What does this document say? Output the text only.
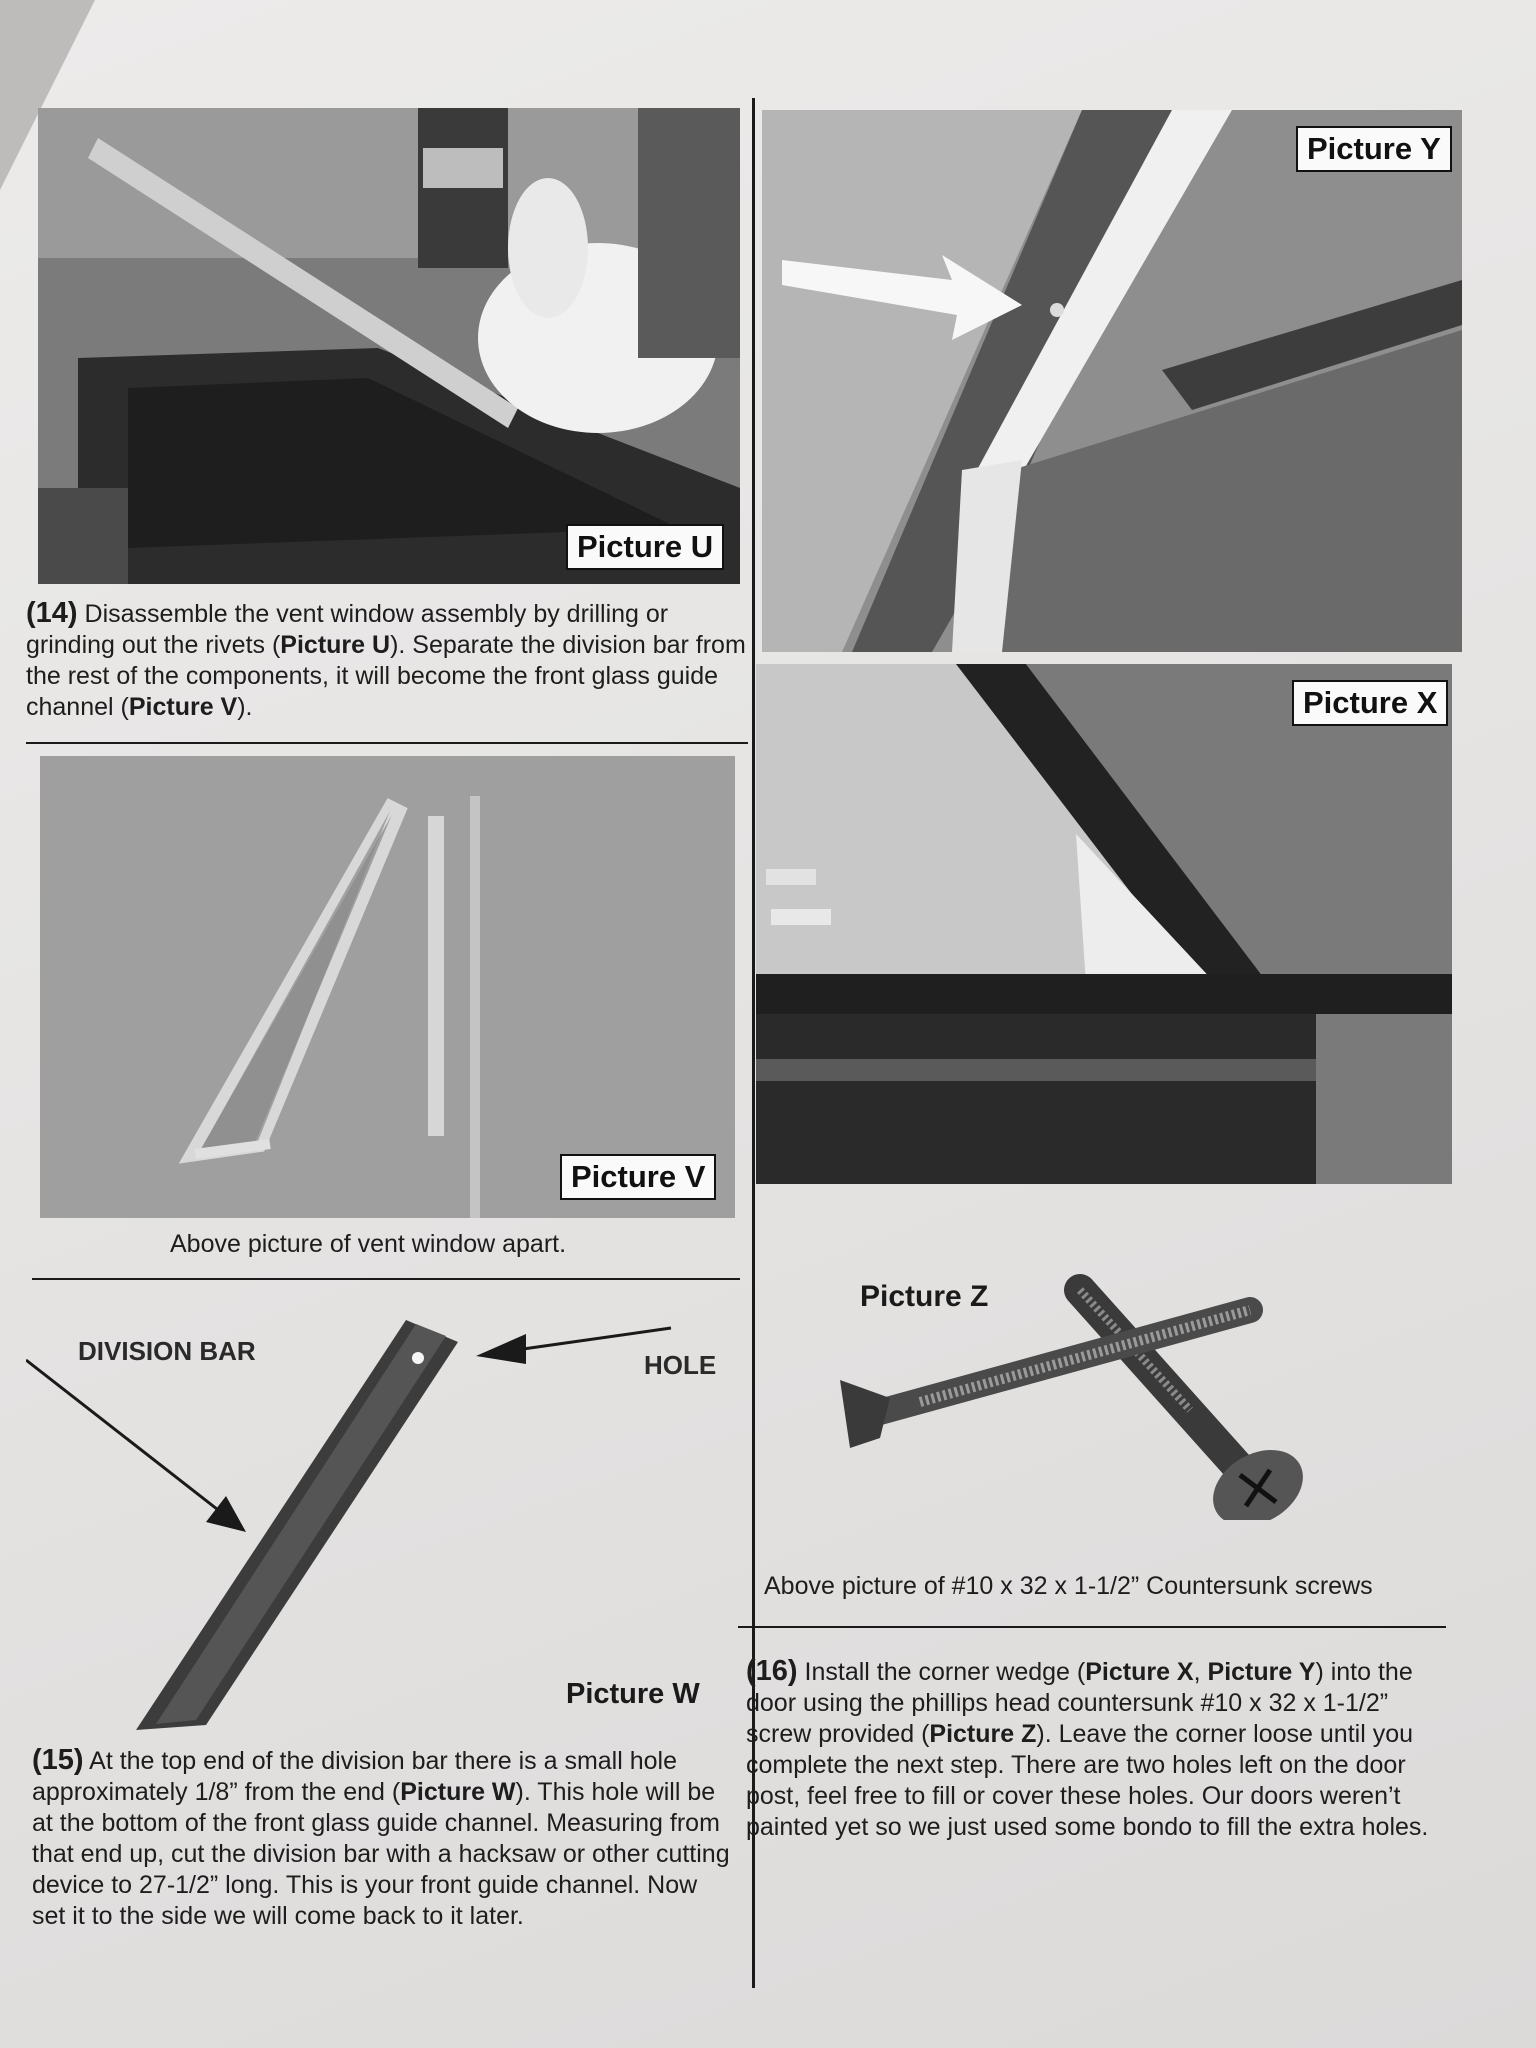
Picture U
(14) Disassemble the vent window assembly by drilling or grinding out the rivets (Picture U). Separate the division bar from the rest of the components, it will become the front glass guide channel (Picture V).
Picture V
Above picture of vent window apart.
DIVISION BAR	HOLE
Picture W
(15) At the top end of the division bar there is a small hole approximately 1/8” from the end (Picture W). This hole will be at the bottom of the front glass guide channel. Measuring from that end up, cut the division bar with a hacksaw or other cutting device to 27-1/2” long. This is your front guide channel. Now set it to the side we will come back to it later.
Picture Y
Picture X
Picture Z
Above picture of #10 x 32 x 1-1/2” Countersunk screws
(16) Install the corner wedge (Picture X, Picture Y) into the door using the phillips head countersunk #10 x 32 x 1-1/2” screw provided (Picture Z). Leave the corner loose until you complete the next step. There are two holes left on the door post, feel free to fill or cover these holes. Our doors weren’t painted yet so we just used some bondo to fill the extra holes.
